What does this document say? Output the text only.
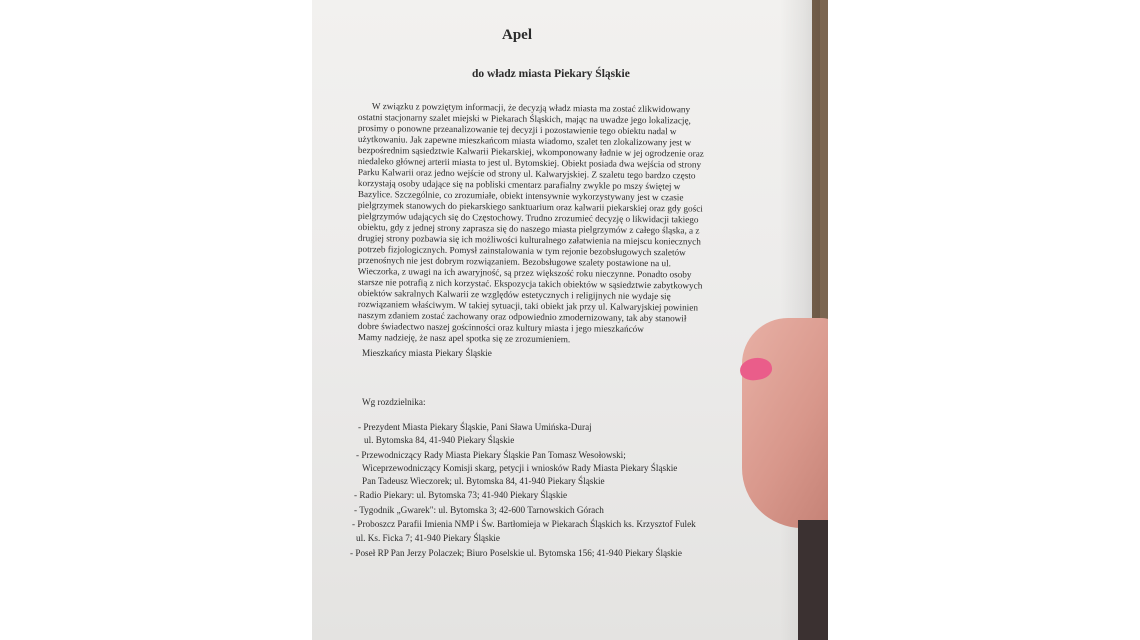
Apel

do władz miasta Piekary Śląskie

W związku z powziętym informacji, że decyzją władz miasta ma zostać zlikwidowany

ostatni stacjonarny szalet miejski w Piekarach Śląskich, mając na uwadze jego lokalizację,

prosimy o ponowne przeanalizowanie tej decyzji i pozostawienie tego obiektu nadal w

użytkowaniu. Jak zapewne mieszkańcom miasta wiadomo, szalet ten zlokalizowany jest w

bezpośrednim sąsiedztwie Kalwarii Piekarskiej, wkomponowany ładnie w jej ogrodzenie oraz

niedaleko głównej arterii miasta to jest ul. Bytomskiej. Obiekt posiada dwa wejścia od strony

Parku Kalwarii oraz jedno wejście od strony ul. Kalwaryjskiej. Z szaletu tego bardzo często

korzystają osoby udające się na pobliski cmentarz parafialny zwykle po mszy świętej w

Bazylice. Szczególnie, co zrozumiałe, obiekt intensywnie wykorzystywany jest w czasie

pielgrzymek stanowych do piekarskiego sanktuarium oraz kalwarii piekarskiej oraz gdy gości

pielgrzymów udających się do Częstochowy. Trudno zrozumieć decyzję o likwidacji takiego

obiektu, gdy z jednej strony zaprasza się do naszego miasta pielgrzymów z całego śląska, a z

drugiej strony pozbawia się ich możliwości kulturalnego załatwienia na miejscu koniecznych

potrzeb fizjologicznych. Pomysł zainstalowania w tym rejonie bezobsługowych szaletów

przenośnych nie jest dobrym rozwiązaniem. Bezobsługowe szalety postawione na ul.

Wieczorka, z uwagi na ich awaryjność, są przez większość roku nieczynne. Ponadto osoby

starsze nie potrafią z nich korzystać. Ekspozycja takich obiektów w sąsiedztwie zabytkowych

obiektów sakralnych Kalwarii ze względów estetycznych i religijnych nie wydaje się

rozwiązaniem właściwym. W takiej sytuacji, taki obiekt jak przy ul. Kalwaryjskiej powinien

naszym zdaniem zostać zachowany oraz odpowiednio zmodernizowany, tak aby stanowił

dobre świadectwo naszej gościnności oraz kultury miasta i jego mieszkańców

Mamy nadzieję, że nasz apel spotka się ze zrozumieniem.

Mieszkańcy miasta Piekary Śląskie

Wg rozdzielnika:

- Prezydent Miasta Piekary Śląskie, Pani Sława Umińska-Duraj

ul. Bytomska 84, 41-940 Piekary Śląskie

- Przewodniczący Rady Miasta Piekary Śląskie Pan Tomasz Wesołowski;

Wiceprzewodniczący Komisji skarg, petycji i wniosków Rady Miasta Piekary Śląskie

Pan Tadeusz Wieczorek; ul. Bytomska 84, 41-940 Piekary Śląskie

- Radio Piekary: ul. Bytomska 73; 41-940 Piekary Śląskie

- Tygodnik „Gwarek": ul. Bytomska 3; 42-600 Tarnowskich Górach

- Proboszcz Parafii Imienia NMP i Św. Bartłomieja w Piekarach Śląskich ks. Krzysztof Fulek

ul. Ks. Ficka 7; 41-940 Piekary Śląskie

- Poseł RP Pan Jerzy Polaczek; Biuro Poselskie ul. Bytomska 156; 41-940 Piekary Śląskie
